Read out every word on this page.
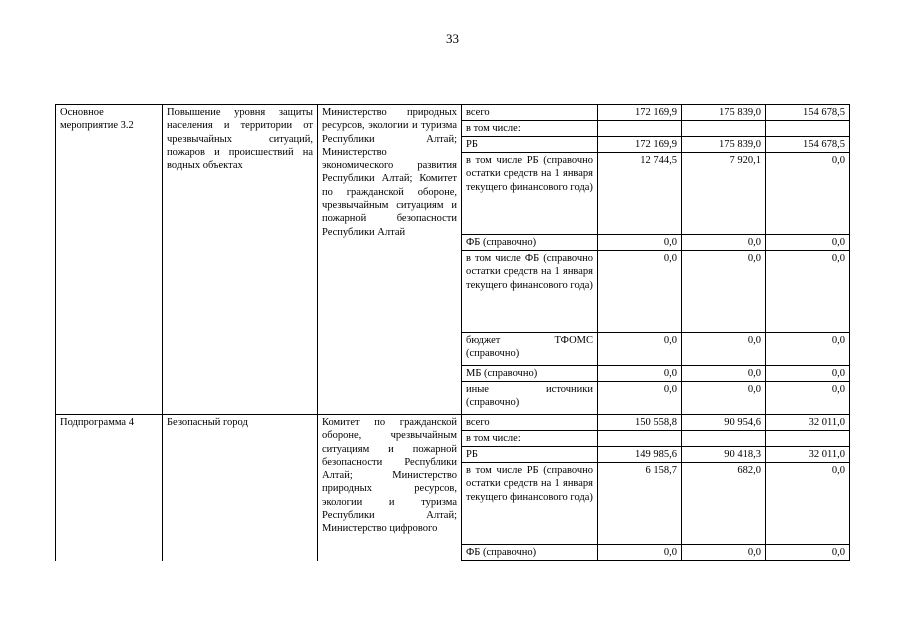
33
Основное мероприятие 3.2	Повышение уровня защиты населения и территории от чрезвычайных ситуаций, пожаров и происшествий на водных объектах	Министерство природных ресурсов, экологии и туризма Республики Алтай; Министерство экономического развития Республики Алтай; Комитет по гражданской обороне, чрезвычайным ситуациям и пожарной безопасности Республики Алтай	всего	172 169,9	175 839,0	154 678,5
			в том числе:			
			РБ	172 169,9	175 839,0	154 678,5
			в том числе РБ (справочно остатки средств на 1 января текущего финансового года)	12 744,5	7 920,1	0,0
			ФБ (справочно)	0,0	0,0	0,0
			в том числе ФБ (справочно остатки средств на 1 января текущего финансового года)	0,0	0,0	0,0
			бюджет ТФОМС (справочно)	0,0	0,0	0,0
			МБ (справочно)	0,0	0,0	0,0
			иные источники (справочно)	0,0	0,0	0,0
Подпрограмма 4	Безопасный город	Комитет по гражданской обороне, чрезвычайным ситуациям и пожарной безопасности Республики Алтай; Министерство природных ресурсов, экологии и туризма Республики Алтай; Министерство цифрового	всего	150 558,8	90 954,6	32 011,0
			в том числе:			
			РБ	149 985,6	90 418,3	32 011,0
			в том числе РБ (справочно остатки средств на 1 января текущего финансового года)	6 158,7	682,0	0,0
			ФБ (справочно)	0,0	0,0	0,0
